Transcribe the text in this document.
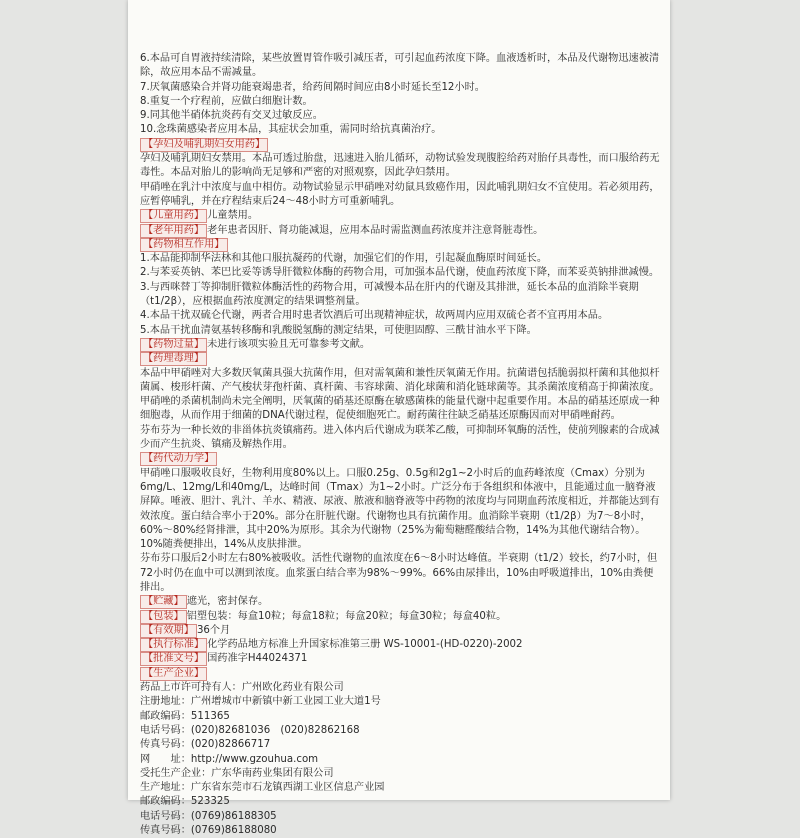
6.本品可自胃液持续清除，某些放置胃管作吸引减压者，可引起血药浓度下降。血液透析时，本品及代谢物迅速被清除，故应用本品不需减量。

7.厌氧菌感染合并肾功能衰竭患者，给药间隔时间应由8小时延长至12小时。

8.重复一个疗程前，应做白细胞计数。

9.同其他半硝体抗炎药有交叉过敏反应。

10.念珠菌感染者应用本品，其症状会加重，需同时给抗真菌治疗。

【孕妇及哺乳期妇女用药】

孕妇及哺乳期妇女禁用。本品可透过胎盘，迅速进入胎儿循环，动物试验发现腹腔给药对胎仔具毒性，而口服给药无毒性。本品对胎儿的影响尚无足够和严密的对照观察，因此孕妇禁用。

甲硝唑在乳汁中浓度与血中相仿。动物试验显示甲硝唑对幼鼠具致癌作用，因此哺乳期妇女不宜使用。若必须用药，应暂停哺乳，并在疗程结束后24～48小时方可重新哺乳。

【儿童用药】 儿童禁用。

【老年用药】 老年患者因肝、肾功能减退，应用本品时需监测血药浓度并注意肾脏毒性。

【药物相互作用】

1.本品能抑制华法林和其他口服抗凝药的代谢，加强它们的作用，引起凝血酶原时间延长。

2.与苯妥英钠、苯巴比妥等诱导肝微粒体酶的药物合用，可加强本品代谢，使血药浓度下降，而苯妥英钠排泄减慢。

3.与西咪替丁等抑制肝微粒体酶活性的药物合用，可减慢本品在肝内的代谢及其排泄，延长本品的血消除半衰期（t1/2β），应根据血药浓度测定的结果调整剂量。

4.本品干扰双硫仑代谢，两者合用时患者饮酒后可出现精神症状，故两周内应用双硫仑者不宜再用本品。

5.本品干扰血清氨基转移酶和乳酸脱氢酶的测定结果，可使胆固醇、三酰甘油水平下降。

【药物过量】 未进行该项实验且无可靠参考文献。

【药理毒理】

本品中甲硝唑对大多数厌氧菌具强大抗菌作用，但对需氧菌和兼性厌氧菌无作用。抗菌谱包括脆弱拟杆菌和其他拟杆菌属、梭形杆菌、产气梭状芽孢杆菌、真杆菌、韦容球菌、消化球菌和消化链球菌等。其杀菌浓度稍高于抑菌浓度。甲硝唑的杀菌机制尚未完全阐明，厌氧菌的硝基还原酶在敏感菌株的能量代谢中起重要作用。本品的硝基还原成一种细胞毒，从而作用于细菌的DNA代谢过程，促使细胞死亡。耐药菌往往缺乏硝基还原酶因而对甲硝唑耐药。

芬布芬为一种长效的非甾体抗炎镇痛药。进入体内后代谢成为联苯乙酸，可抑制环氧酶的活性，使前列腺素的合成减少而产生抗炎、镇痛及解热作用。

【药代动力学】

甲硝唑口服吸收良好，生物利用度80%以上。口服0.25g、0.5g和2g1~2小时后的血药峰浓度（Cmax）分别为6mg/L、12mg/L和40mg/L，达峰时间（Tmax）为1~2小时。广泛分布于各组织和体液中，且能通过血一脑脊液屏障。唾液、胆汁、乳汁、羊水、精液、尿液、脓液和脑脊液等中药物的浓度均与同期血药浓度相近，并都能达到有效浓度。蛋白结合率小于20%。部分在肝脏代谢。代谢物也具有抗菌作用。血消除半衰期（t1/2β）为7～8小时，60%～80%经肾排泄，其中20%为原形。其余为代谢物（25%为葡萄糖醛酸结合物，14%为其他代谢结合物）。10%随粪便排出，14%从皮肤排泄。

芬布芬口服后2小时左右80%被吸收。活性代谢物的血浓度在6～8小时达峰值。半衰期（t1/2）较长，约7小时，但72小时仍在血中可以测到浓度。血浆蛋白结合率为98%～99%。66%由尿排出，10%由呼吸道排出，10%由粪便排出。

【贮藏】 遮光，密封保存。

【包装】 铝塑包装：每盒10粒；每盒18粒；每盒20粒；每盒30粒；每盒40粒。

【有效期】 36个月

【执行标准】 化学药品地方标准上升国家标准第三册 WS-10001-(HD-0220)-2002

【批准文号】 国药准字H44024371

【生产企业】

药品上市许可持有人：广州欧化药业有限公司

注册地址：广州增城市中新镇中新工业园工业大道1号

邮政编码：511365

电话号码：(020)82681036　(020)82862168

传真号码：(020)82866717

网　　址：http://www.gzouhua.com

受托生产企业：广东华南药业集团有限公司

生产地址：广东省东莞市石龙镇西湖工业区信息产业园

邮政编码：523325

电话号码：(0769)86188305

传真号码：(0769)86188080
